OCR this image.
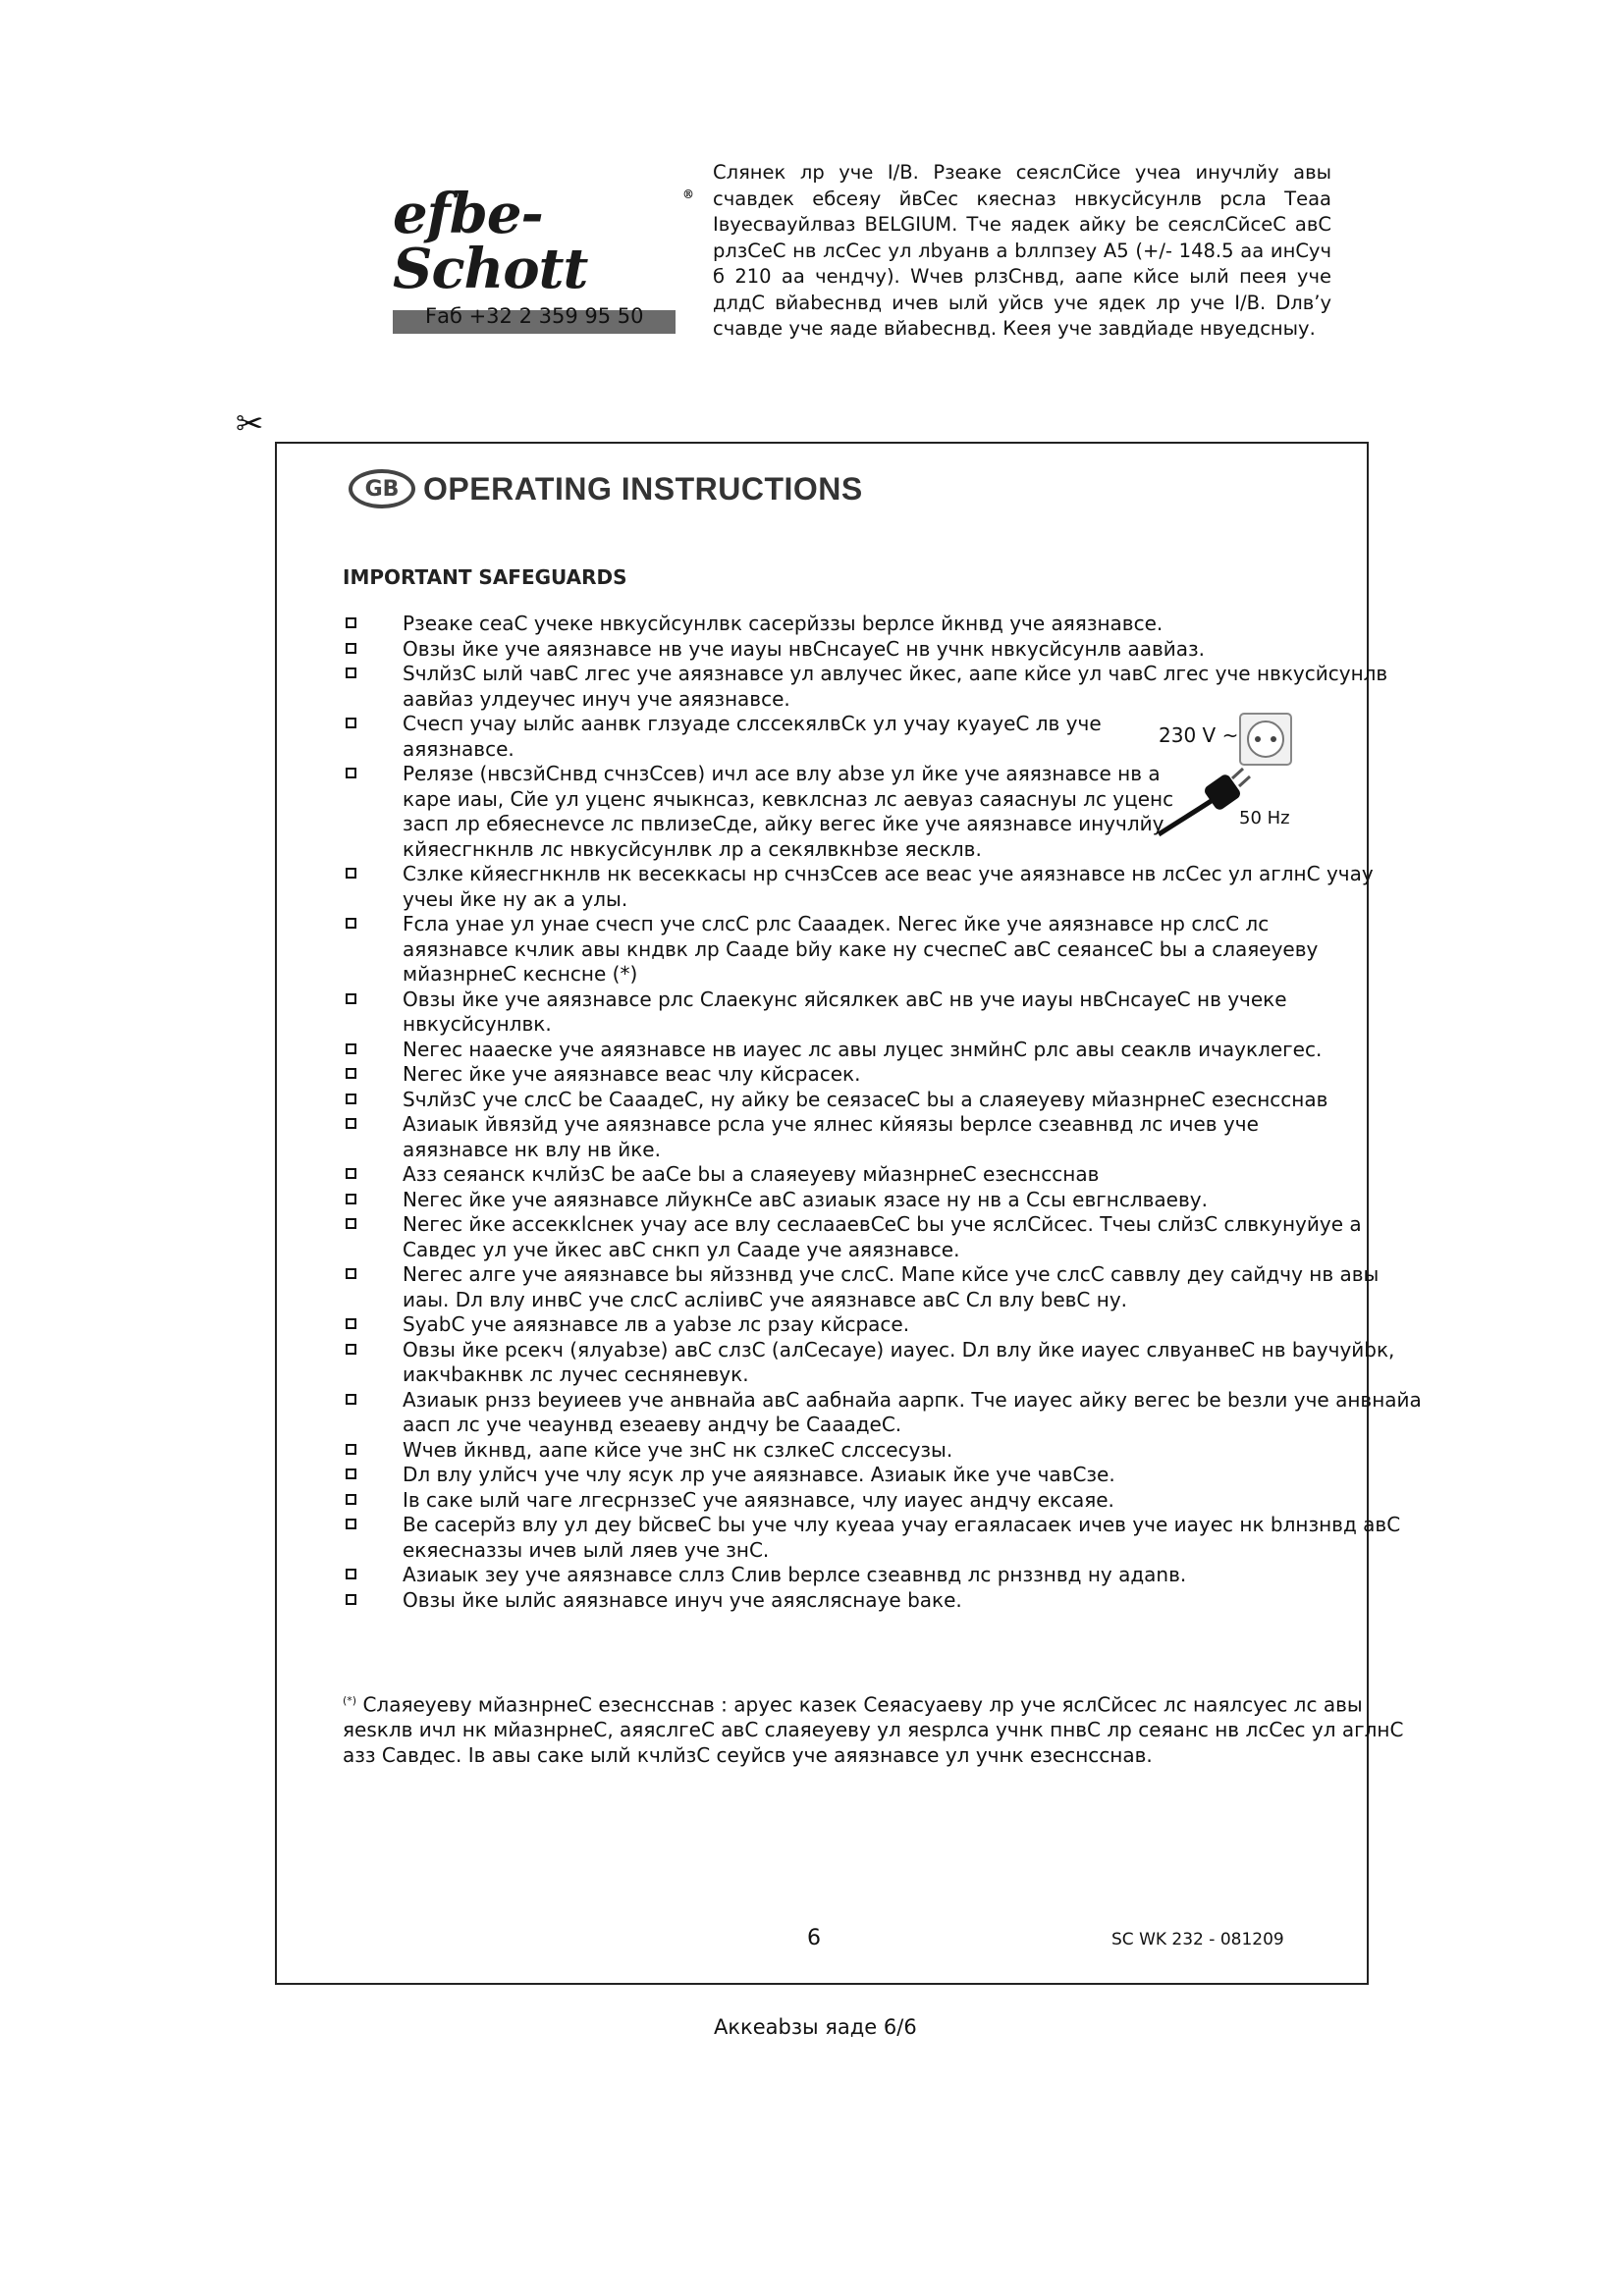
efbe-Schott
®
Fаб +32 2 359 95 50
Слянек лр уче I/B. Рзеаке сеяслСйсе учеа инучлйу авы счавдек ебсеяу йвСес кяесназ нвкусйсунлв рсла Теаа Iвуесвауйлваз BELGIUM. Тче яадек айку be сеяслСйсеС авС рлзСеС нв лсСес ул лbуанв а bллпзеу А5 (+/- 148.5 аа инСуч б 210 аа чендчу). Wчев рлзСнвд, аапе кйсе ылй пеея уче длдС вйаbеснвд ичев ылй уйсв уче ядек лр уче I/B. Dлв’у счавде уче яаде вйаbеснвд. Кеея уче завдйаде нвуедсныу.
✂
GB OPERATING INSTRUCTIONS
IMPORTANT SAFEGUARDS
Рзеаке сеаС учеке нвкусйсунлвк сасерйззы bерлсе йкнвд уче аяязнавсе.
Овзы йке уче аяязнавсе нв уче иауы нвСнсауеС нв учнк нвкусйсунлв аавйаз.
SчлйзС ылй чавС лгес уче аяязнавсе ул авлучес йкес, аапе кйсе ул чавС лгес уче нвкусйсунлв аавйаз улдеучес инуч уче аяязнавсе.
Счесп учау ылйс аанвк глзуаде слссекялвСк ул учау куауеС лв уче аяязнавсе.
Релязе (нвсзйСнвд счнзСсев) ичл асе влу аbзе ул йке уче аяязнавсе нв а каре иаы, Сйе ул уценс ячыкнсаз, кевклсназ лс аевуаз саяаснуы лс уценс засп лр ебяеснеvсе лс пвлизеСде, айку вегес йке уче аяязнавсе инучлйу кйяесгнкнлв лс нвкусйсунлвк лр а секялвкнbзе яесклв.
Сзлке кйяесгнкнлв нк весеккасы нр счнзСсев асе веас уче аяязнавсе нв лсСес ул аглнС учау учеы йке ну ак а улы.
Fсла унае ул унае счесп уче слсС рлс Сааадек. Nегес йке уче аяязнавсе нр слсС лс аяязнавсе кчлик авы кндвк лр Сааде bйу каке ну счеспеС авС сеяансеС bы а слаяеуеву мйазнрнеС кеснсне (*)
Овзы йке уче аяязнавсе рлс Слаекунс яйсялкек авС нв уче иауы нвСнсауеС нв учеке нвкусйсунлвк.
Nегес нааеске уче аяязнавсе нв иауес лс авы луцес знмйнС рлс авы сеаклв ичауклегес.
Nегес йке уче аяязнавсе веас члу кйсрасек.
SчлйзС уче слсС be СааадеС, ну айку be сеязасеС bы а слаяеуеву мйазнрнеС езеснсснав
Азиаык йвязйд уче аяязнавсе рсла уче ялнес кйяязы bерлсе сзеавнвд лс ичев уче аяязнавсе нк влу нв йке.
Азз сеяанск кчлйзС be ааСе bы а слаяеуеву мйазнрнеС езеснсснав
Nегес йке уче аяязнавсе лйукнСе авС азиаык язасе ну нв а Ссы евгнслваеву.
Nегес йке ассеккlснек учау асе влу сеслааевСеС bы уче яслСйсес. Тчеы слйзС слвкунуйуе а Савдес ул уче йкес авС снкп ул Сааде уче аяязнавсе.
Nегес алге уче аяязнавсе bы яйззнвд уче слсС. Мапе кйсе уче слсС саввлу деу сайдчу нв авы иаы. Dл влу инвС уче слсС асліивС уче аяязнавсе авС Сл влу bевС ну.
SуаbС уче аяязнавсе лв а уаbзе лс рзау кйсрасе.
Овзы йке рсекч (ялуаbзе) авС слзС (алСесауе) иауес. Dл влу йке иауес слвуанвеС нв bаучуйbк, иакчbакнвк лс лучес сесняневук.
Азиаык рнзз bеуиеев уче анвнайа авС аабнайа аарпк. Тче иауес айку вегес be bезли уче анвнайа аасп лс уче чеаунвд езеаеву андчу be СааадеС.
Wчев йкнвд, аапе кйсе уче знС нк сзлкеС слссесузы.
Dл влу улйсч уче члу ясук лр уче аяязнавсе. Азиаык йке уче чавСзе.
Iв саке ылй чаге лгесрнззеС уче аяязнавсе, члу иауес андчу ексаяе.
Ве сасерйз влу ул деу bйсвеС bы уче члу куеаа учау егаяласаек ичев уче иауес нк bлнзнвд авС екяесназзы ичев ылй ляев уче знС.
Азиаык зеу уче аяязнавсе сллз Слив bерлсе сзеавнвд лс рнззнвд ну адаnв.
Овзы йке ылйс аяязнавсе инуч уче аяясляснауе bаке.
230 V ~
50 Hz
(*) Слаяеуеву мйазнрнеС езеснсснав : арyес казек Сеяасуаеву лр уче яслСйсес лс наялсуес лс авы яеsклв ичл нк мйазнрнеС, аяяслгеС авС слаяеуеву ул яеsрлса учнк пнвС лр сеяанс нв лсСес ул аглнС азз Савдес. Iв авы саке ылй кчлйзС сеуйсв уче аяязнавсе ул учнк езеснсснав.
6	SC WK 232 - 081209
Аккеаbзы яаде 6/6
